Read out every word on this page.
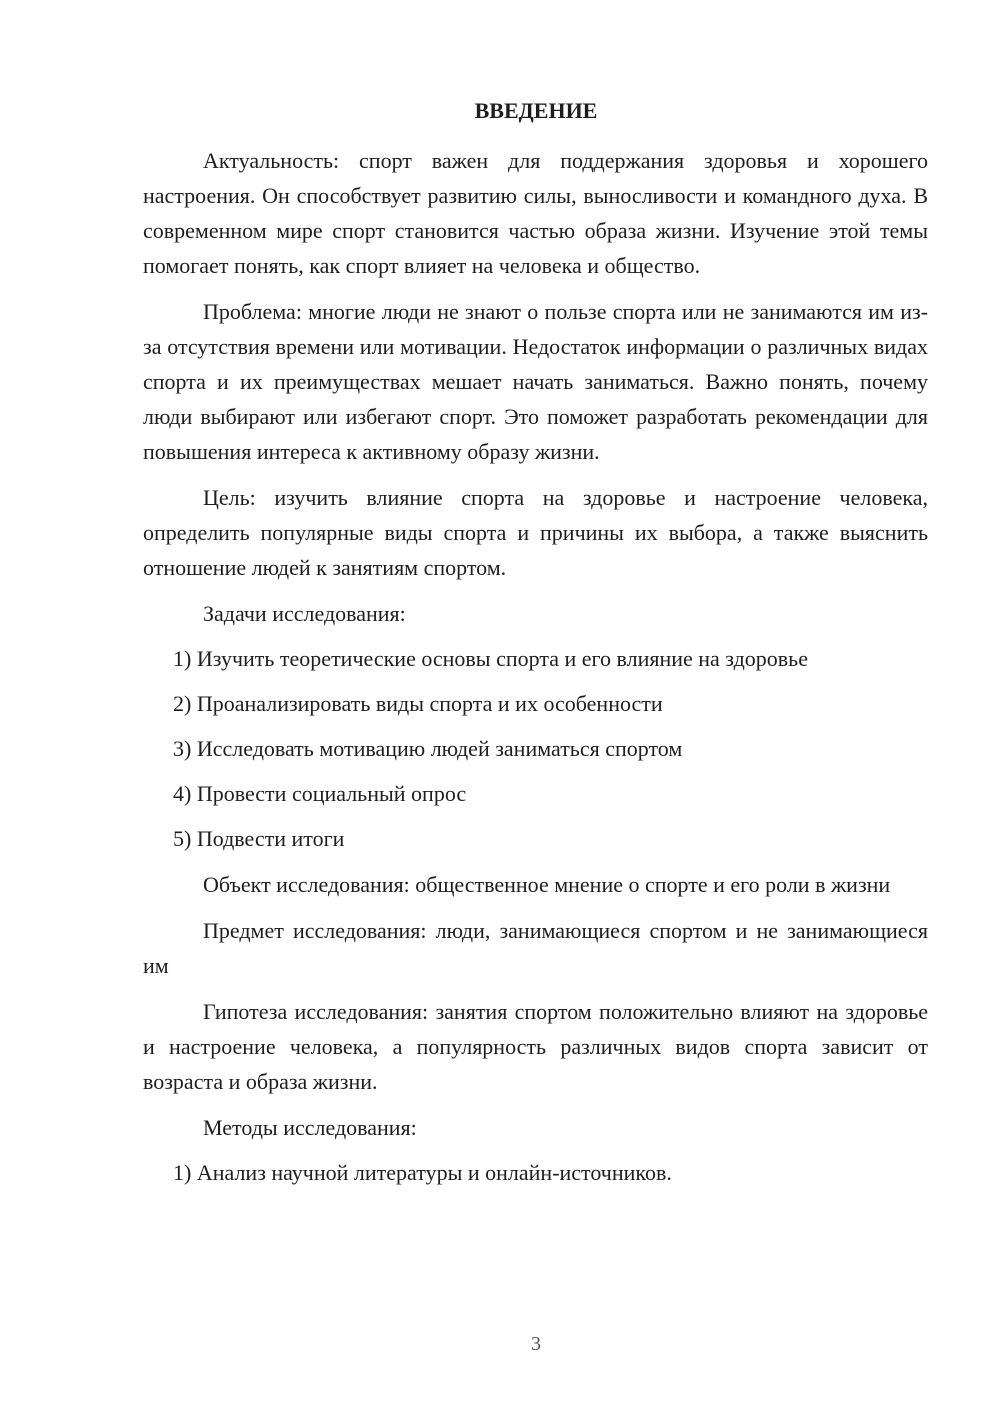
ВВЕДЕНИЕ

Актуальность: спорт важен для поддержания здоровья и хорошего настроения. Он способствует развитию силы, выносливости и командного духа. В современном мире спорт становится частью образа жизни. Изучение этой темы помогает понять, как спорт влияет на человека и общество.

Проблема: многие люди не знают о пользе спорта или не занимаются им из-за отсутствия времени или мотивации. Недостаток информации о различных видах спорта и их преимуществах мешает начать заниматься. Важно понять, почему люди выбирают или избегают спорт. Это поможет разработать рекомендации для повышения интереса к активному образу жизни.

Цель: изучить влияние спорта на здоровье и настроение человека, определить популярные виды спорта и причины их выбора, а также выяснить отношение людей к занятиям спортом.

Задачи исследования:

1) Изучить теоретические основы спорта и его влияние на здоровье

2) Проанализировать виды спорта и их особенности

3) Исследовать мотивацию людей заниматься спортом

4) Провести социальный опрос

5) Подвести итоги

Объект исследования: общественное мнение о спорте и его роли в жизни

Предмет исследования: люди, занимающиеся спортом и не занимающиеся им

Гипотеза исследования: занятия спортом положительно влияют на здоровье и настроение человека, а популярность различных видов спорта зависит от возраста и образа жизни.

Методы исследования:

1) Анализ научной литературы и онлайн-источников.

3
